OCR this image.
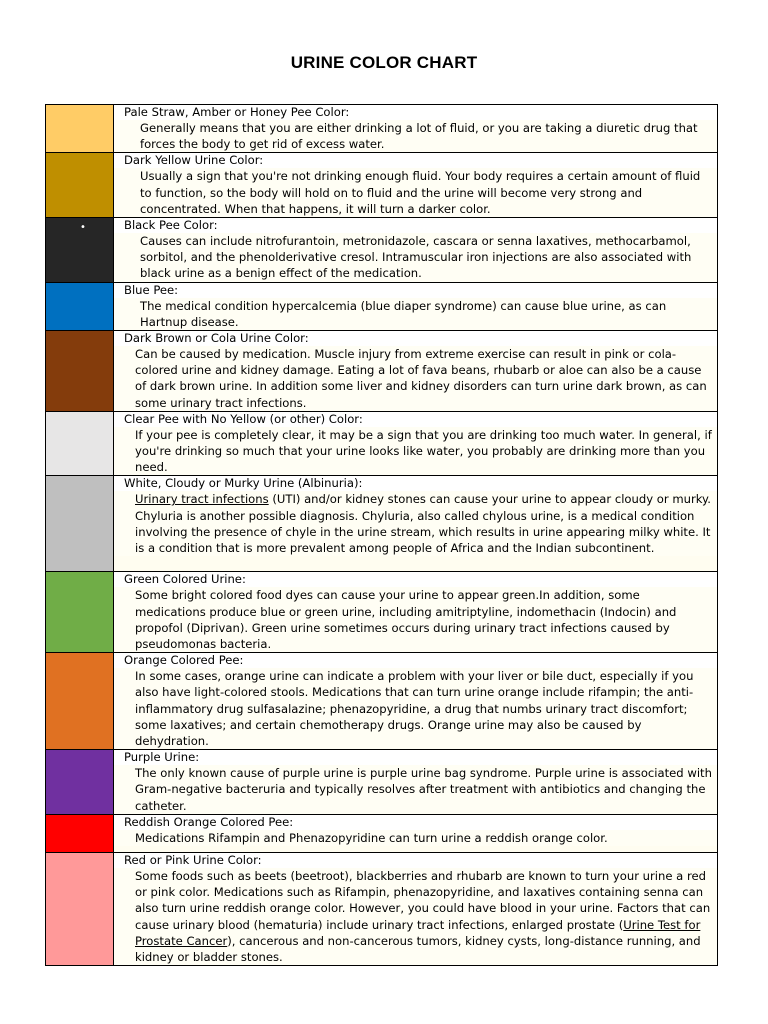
URINE COLOR CHART

	Pale Straw, Amber or Honey Pee Color:
Generally means that you are either drinking a lot of fluid, or you are taking a diuretic drug that forces the body to get rid of excess water.

	Dark Yellow Urine Color:
Usually a sign that you're not drinking enough fluid. Your body requires a certain amount of fluid to function, so the body will hold on to fluid and the urine will become very strong and concentrated. When that happens, it will turn a darker color.

•	Black Pee Color:
Causes can include nitrofurantoin, metronidazole, cascara or senna laxatives, methocarbamol, sorbitol, and the phenolderivative cresol. Intramuscular iron injections are also associated with black urine as a benign effect of the medication.

	Blue Pee:
The medical condition hypercalcemia (blue diaper syndrome) can cause blue urine, as can Hartnup disease.

	Dark Brown or Cola Urine Color:
Can be caused by medication. Muscle injury from extreme exercise can result in pink or cola-colored urine and kidney damage. Eating a lot of fava beans, rhubarb or aloe can also be a cause of dark brown urine. In addition some liver and kidney disorders can turn urine dark brown, as can some urinary tract infections.

	Clear Pee with No Yellow (or other) Color:
If your pee is completely clear, it may be a sign that you are drinking too much water. In general, if you're drinking so much that your urine looks like water, you probably are drinking more than you need.

	White, Cloudy or Murky Urine (Albinuria):
Urinary tract infections (UTI) and/or kidney stones can cause your urine to appear cloudy or murky. Chyluria is another possible diagnosis. Chyluria, also called chylous urine, is a medical condition involving the presence of chyle in the urine stream, which results in urine appearing milky white. It is a condition that is more prevalent among people of Africa and the Indian subcontinent.

	Green Colored Urine:
Some bright colored food dyes can cause your urine to appear green.In addition, some medications produce blue or green urine, including amitriptyline, indomethacin (Indocin) and propofol (Diprivan). Green urine sometimes occurs during urinary tract infections caused by pseudomonas bacteria.

	Orange Colored Pee:
In some cases, orange urine can indicate a problem with your liver or bile duct, especially if you also have light-colored stools. Medications that can turn urine orange include rifampin; the anti-inflammatory drug sulfasalazine; phenazopyridine, a drug that numbs urinary tract discomfort; some laxatives; and certain chemotherapy drugs. Orange urine may also be caused by dehydration.

	Purple Urine:
The only known cause of purple urine is purple urine bag syndrome. Purple urine is associated with Gram-negative bacteruria and typically resolves after treatment with antibiotics and changing the catheter.

	Reddish Orange Colored Pee:
Medications Rifampin and Phenazopyridine can turn urine a reddish orange color.

	Red or Pink Urine Color:
Some foods such as beets (beetroot), blackberries and rhubarb are known to turn your urine a red or pink color. Medications such as Rifampin, phenazopyridine, and laxatives containing senna can also turn urine reddish orange color. However, you could have blood in your urine. Factors that can cause urinary blood (hematuria) include urinary tract infections, enlarged prostate (Urine Test for Prostate Cancer), cancerous and non-cancerous tumors, kidney cysts, long-distance running, and kidney or bladder stones.
